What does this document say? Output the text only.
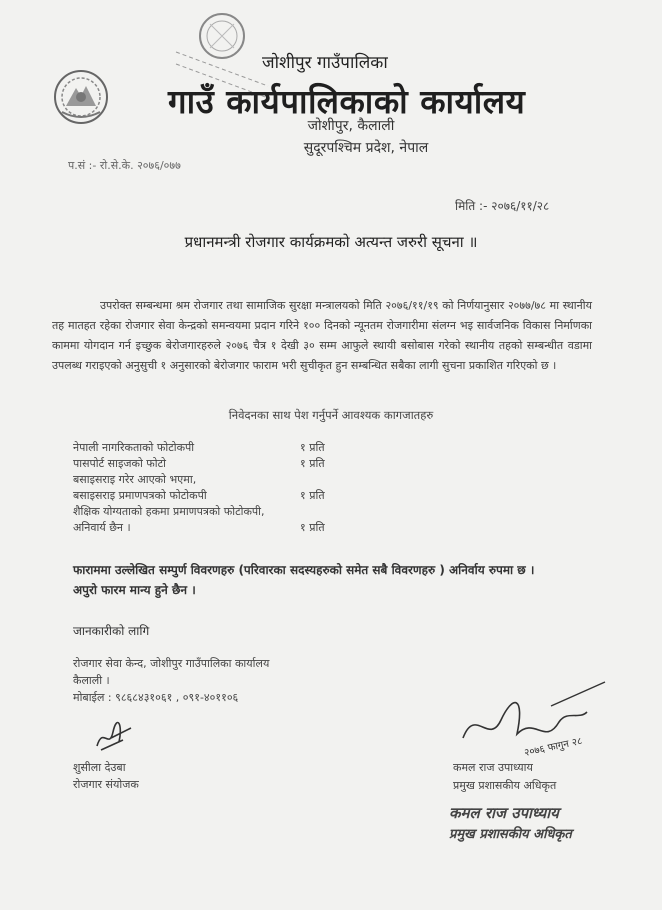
जोशीपुर गाउँपालिका
गाउँ कार्यपालिकाको कार्यालय
जोशीपुर, कैलाली
सुदूरपश्चिम प्रदेश, नेपाल
प.सं :- रो.से.के. २०७६/०७७
मिति :- २०७६/११/२८
प्रधानमन्त्री रोजगार कार्यक्रमको अत्यन्त जरुरी सूचना ॥
उपरोक्त सम्बन्धमा श्रम रोजगार तथा सामाजिक सुरक्षा मन्त्रालयको मिति २०७६/११/१९ को निर्णयानुसार २०७७/७८ मा स्थानीय तह मातहत रहेका रोजगार सेवा केन्द्रको समन्वयमा प्रदान गरिने १०० दिनको न्यूनतम रोजगारीमा संलग्न भइ सार्वजनिक विकास निर्माणका काममा योगदान गर्न इच्छुक बेरोजगारहरुले २०७६ चैत्र १ देखी ३० सम्म आफुले स्थायी बसोबास गरेको स्थानीय तहको सम्बन्धीत वडामा उपलब्ध गराइएको अनुसुची १ अनुसारको बेरोजगार फाराम भरी सुचीकृत हुन सम्बन्धित सबैका लागी सुचना प्रकाशित गरिएको छ ।
निवेदनका साथ पेश गर्नुपर्ने आवश्यक कागजातहरु
नेपाली नागरिकताको फोटोकपी	१ प्रति
पासपोर्ट साइजको फोटो	१ प्रति
बसाइसराइ गरेर आएको भएमा,
बसाइसराइ प्रमाणपत्रको फोटोकपी	१ प्रति
शैक्षिक योग्यताको हकमा प्रमाणपत्रको फोटोकपी,
अनिवार्य छैन ।	१ प्रति
फाराममा उल्लेखित सम्पुर्ण विवरणहरु (परिवारका सदस्यहरुको समेत सबै विवरणहरु ) अनिर्वाय रुपमा छ ।
अपुरो फारम मान्य हुने छैन ।
जानकारीको लागि
रोजगार सेवा केन्द, जोशीपुर गाउँपालिका कार्यालय
कैलाली ।
मोबाईल : ९८६८४३१०६१ , ०९१-४०११०६
शुसीला देउबा
रोजगार संयोजक
२०७६ फागुन २८
कमल राज उपाध्याय
प्रमुख प्रशासकीय अधिकृत
कमल राज उपाध्याय
प्रमुख प्रशासकीय अधिकृत
